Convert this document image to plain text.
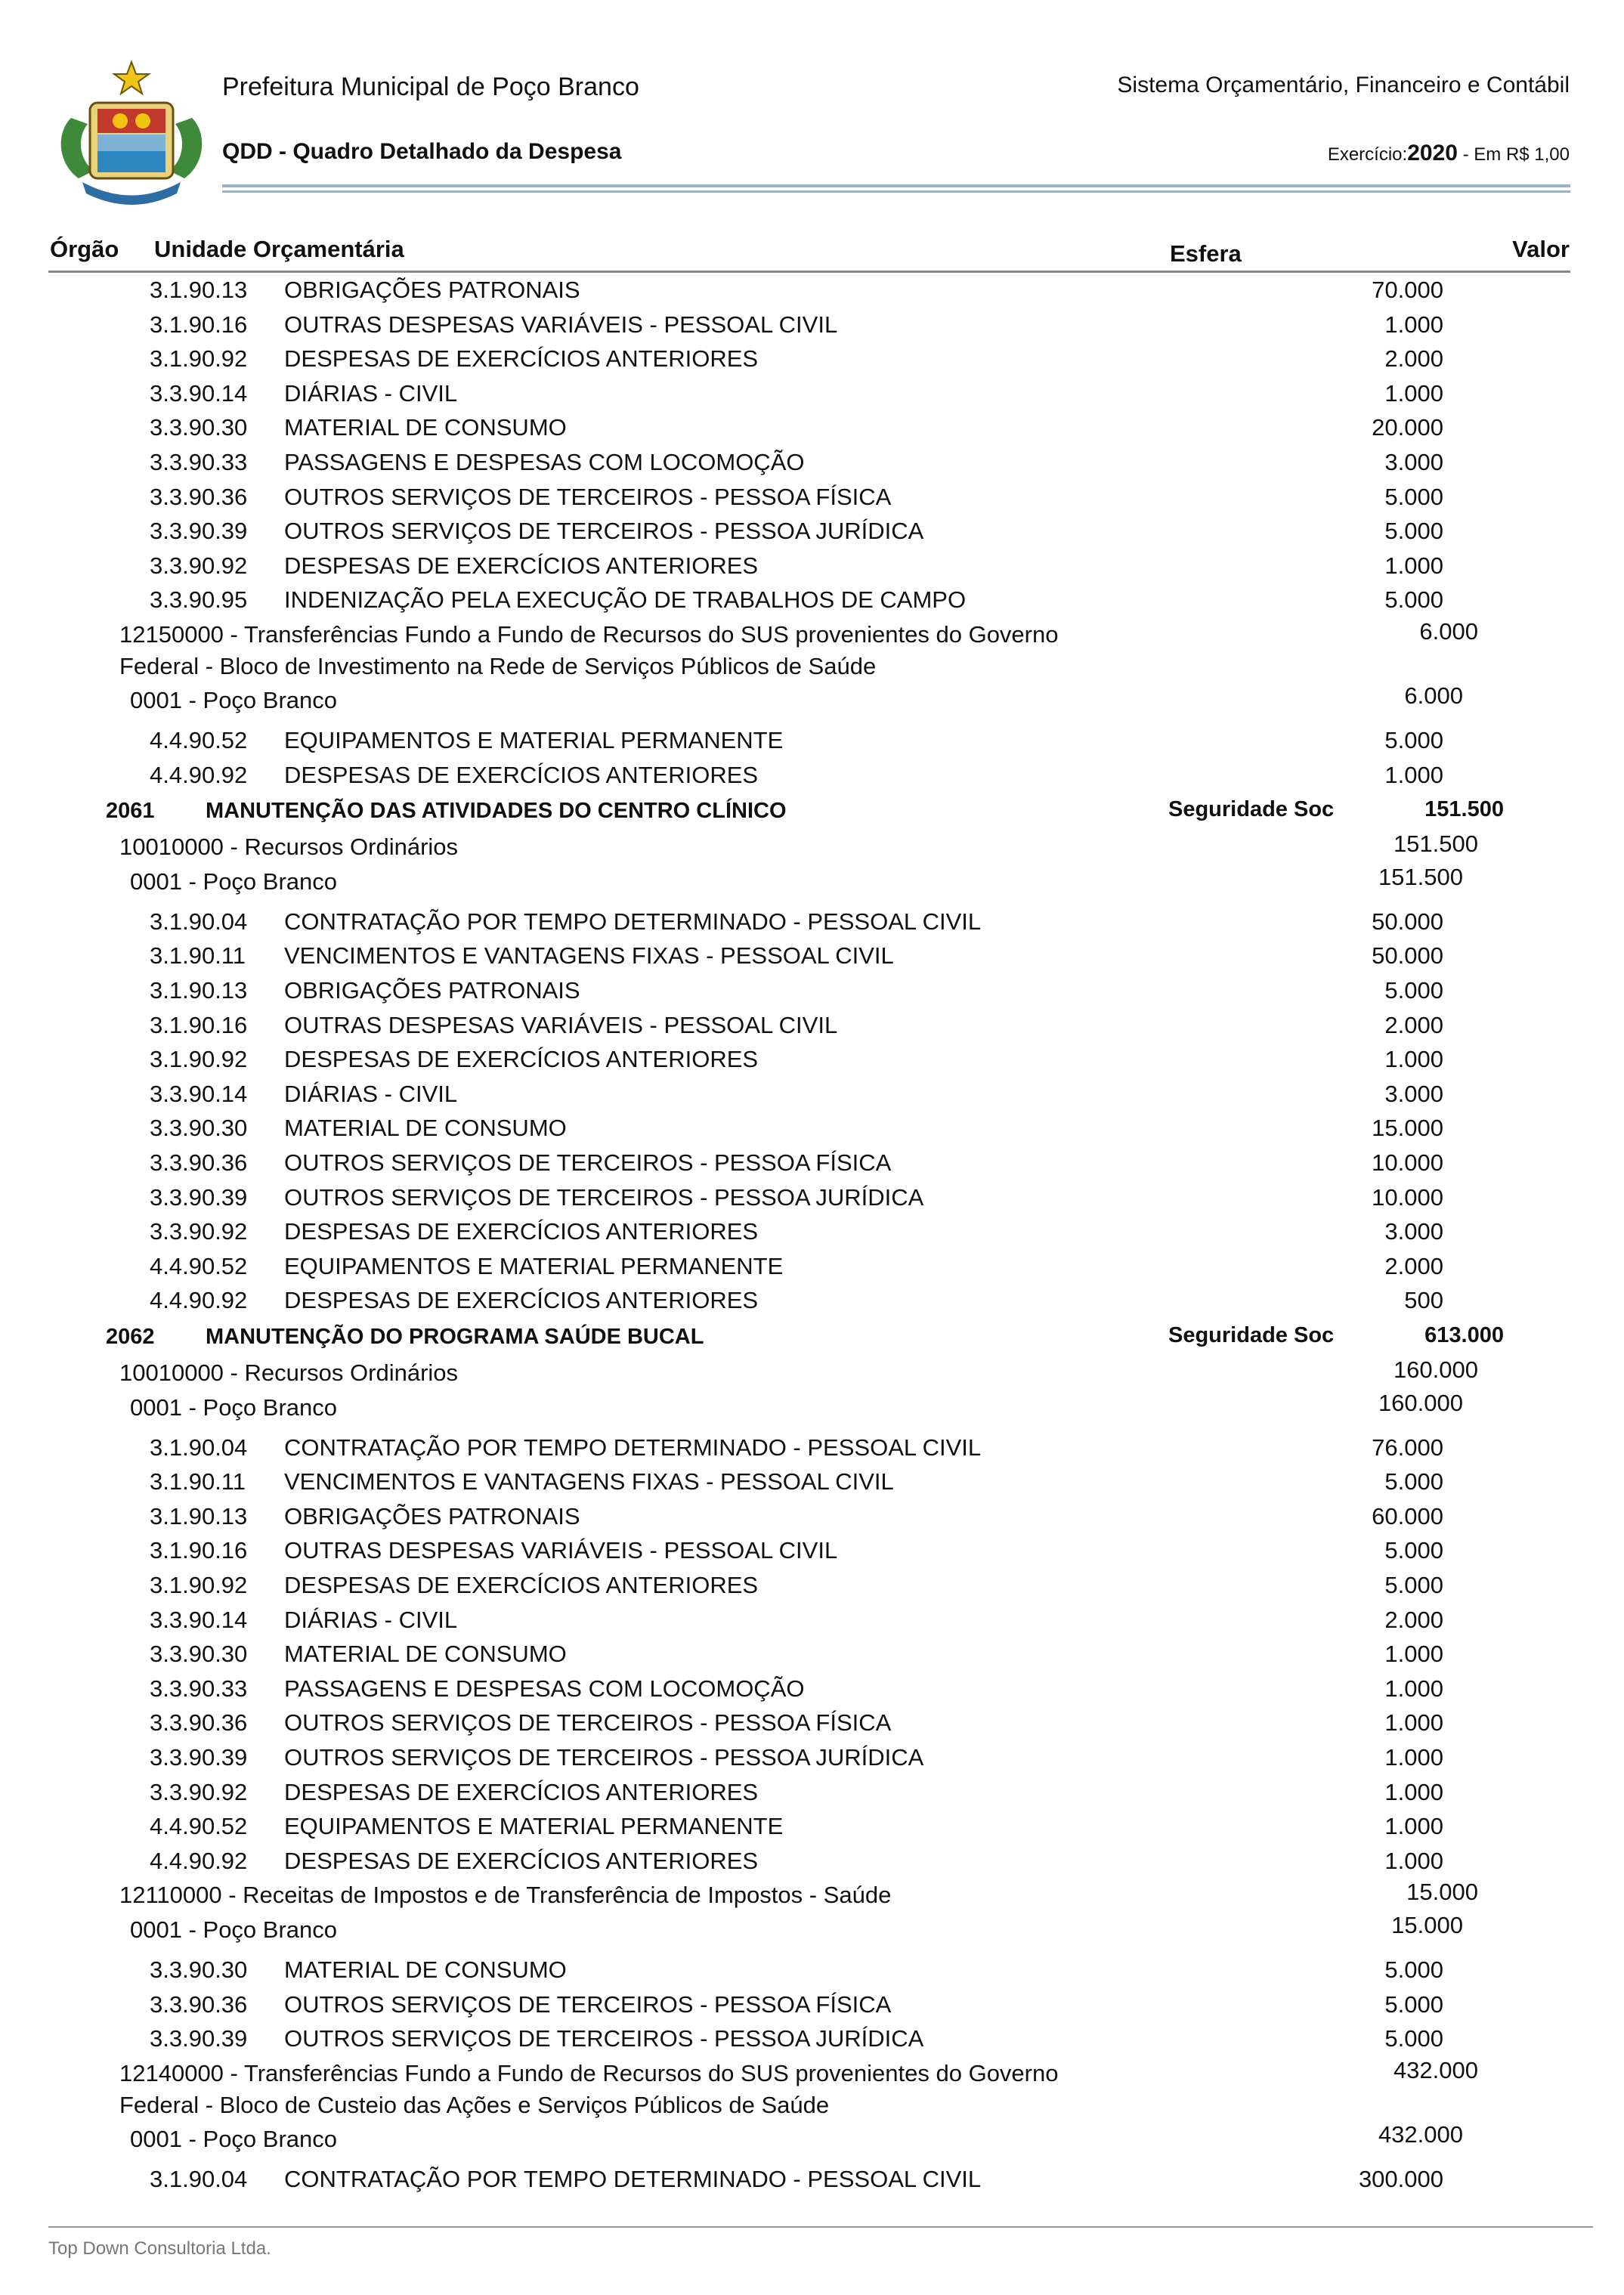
Prefeitura Municipal de Poço Branco
QDD - Quadro Detalhado da Despesa
Sistema Orçamentário, Financeiro e Contábil
Exercício:2020 - Em R$ 1,00
Órgão Unidade Orçamentária	Esfera	Valor
3.1.90.13 OBRIGAÇÕES PATRONAIS	70.000
3.1.90.16 OUTRAS DESPESAS VARIÁVEIS - PESSOAL CIVIL	1.000
3.1.90.92 DESPESAS DE EXERCÍCIOS ANTERIORES	2.000
3.3.90.14 DIÁRIAS - CIVIL	1.000
3.3.90.30 MATERIAL DE CONSUMO	20.000
3.3.90.33 PASSAGENS E DESPESAS COM LOCOMOÇÃO	3.000
3.3.90.36 OUTROS SERVIÇOS DE TERCEIROS - PESSOA FÍSICA	5.000
3.3.90.39 OUTROS SERVIÇOS DE TERCEIROS - PESSOA JURÍDICA	5.000
3.3.90.92 DESPESAS DE EXERCÍCIOS ANTERIORES	1.000
3.3.90.95 INDENIZAÇÃO PELA EXECUÇÃO DE TRABALHOS DE CAMPO	5.000
12150000 - Transferências Fundo a Fundo de Recursos do SUS provenientes do Governo
Federal - Bloco de Investimento na Rede de Serviços Públicos de Saúde
6.000
0001 - Poço Branco	6.000
4.4.90.52 EQUIPAMENTOS E MATERIAL PERMANENTE	5.000
4.4.90.92 DESPESAS DE EXERCÍCIOS ANTERIORES	1.000
2061 MANUTENÇÃO DAS ATIVIDADES DO CENTRO CLÍNICO	Seguridade Soc	151.500
10010000 - Recursos Ordinários	151.500
0001 - Poço Branco	151.500
3.1.90.04 CONTRATAÇÃO POR TEMPO DETERMINADO - PESSOAL CIVIL	50.000
3.1.90.11 VENCIMENTOS E VANTAGENS FIXAS - PESSOAL CIVIL	50.000
3.1.90.13 OBRIGAÇÕES PATRONAIS	5.000
3.1.90.16 OUTRAS DESPESAS VARIÁVEIS - PESSOAL CIVIL	2.000
3.1.90.92 DESPESAS DE EXERCÍCIOS ANTERIORES	1.000
3.3.90.14 DIÁRIAS - CIVIL	3.000
3.3.90.30 MATERIAL DE CONSUMO	15.000
3.3.90.36 OUTROS SERVIÇOS DE TERCEIROS - PESSOA FÍSICA	10.000
3.3.90.39 OUTROS SERVIÇOS DE TERCEIROS - PESSOA JURÍDICA	10.000
3.3.90.92 DESPESAS DE EXERCÍCIOS ANTERIORES	3.000
4.4.90.52 EQUIPAMENTOS E MATERIAL PERMANENTE	2.000
4.4.90.92 DESPESAS DE EXERCÍCIOS ANTERIORES	500
2062 MANUTENÇÃO DO PROGRAMA SAÚDE BUCAL	Seguridade Soc	613.000
10010000 - Recursos Ordinários	160.000
0001 - Poço Branco	160.000
3.1.90.04 CONTRATAÇÃO POR TEMPO DETERMINADO - PESSOAL CIVIL	76.000
3.1.90.11 VENCIMENTOS E VANTAGENS FIXAS - PESSOAL CIVIL	5.000
3.1.90.13 OBRIGAÇÕES PATRONAIS	60.000
3.1.90.16 OUTRAS DESPESAS VARIÁVEIS - PESSOAL CIVIL	5.000
3.1.90.92 DESPESAS DE EXERCÍCIOS ANTERIORES	5.000
3.3.90.14 DIÁRIAS - CIVIL	2.000
3.3.90.30 MATERIAL DE CONSUMO	1.000
3.3.90.33 PASSAGENS E DESPESAS COM LOCOMOÇÃO	1.000
3.3.90.36 OUTROS SERVIÇOS DE TERCEIROS - PESSOA FÍSICA	1.000
3.3.90.39 OUTROS SERVIÇOS DE TERCEIROS - PESSOA JURÍDICA	1.000
3.3.90.92 DESPESAS DE EXERCÍCIOS ANTERIORES	1.000
4.4.90.52 EQUIPAMENTOS E MATERIAL PERMANENTE	1.000
4.4.90.92 DESPESAS DE EXERCÍCIOS ANTERIORES	1.000
12110000 - Receitas de Impostos e de Transferência de Impostos - Saúde	15.000
0001 - Poço Branco	15.000
3.3.90.30 MATERIAL DE CONSUMO	5.000
3.3.90.36 OUTROS SERVIÇOS DE TERCEIROS - PESSOA FÍSICA	5.000
3.3.90.39 OUTROS SERVIÇOS DE TERCEIROS - PESSOA JURÍDICA	5.000
12140000 - Transferências Fundo a Fundo de Recursos do SUS provenientes do Governo
Federal - Bloco de Custeio das Ações e Serviços Públicos de Saúde
432.000
0001 - Poço Branco	432.000
3.1.90.04 CONTRATAÇÃO POR TEMPO DETERMINADO - PESSOAL CIVIL	300.000
Top Down Consultoria Ltda.
